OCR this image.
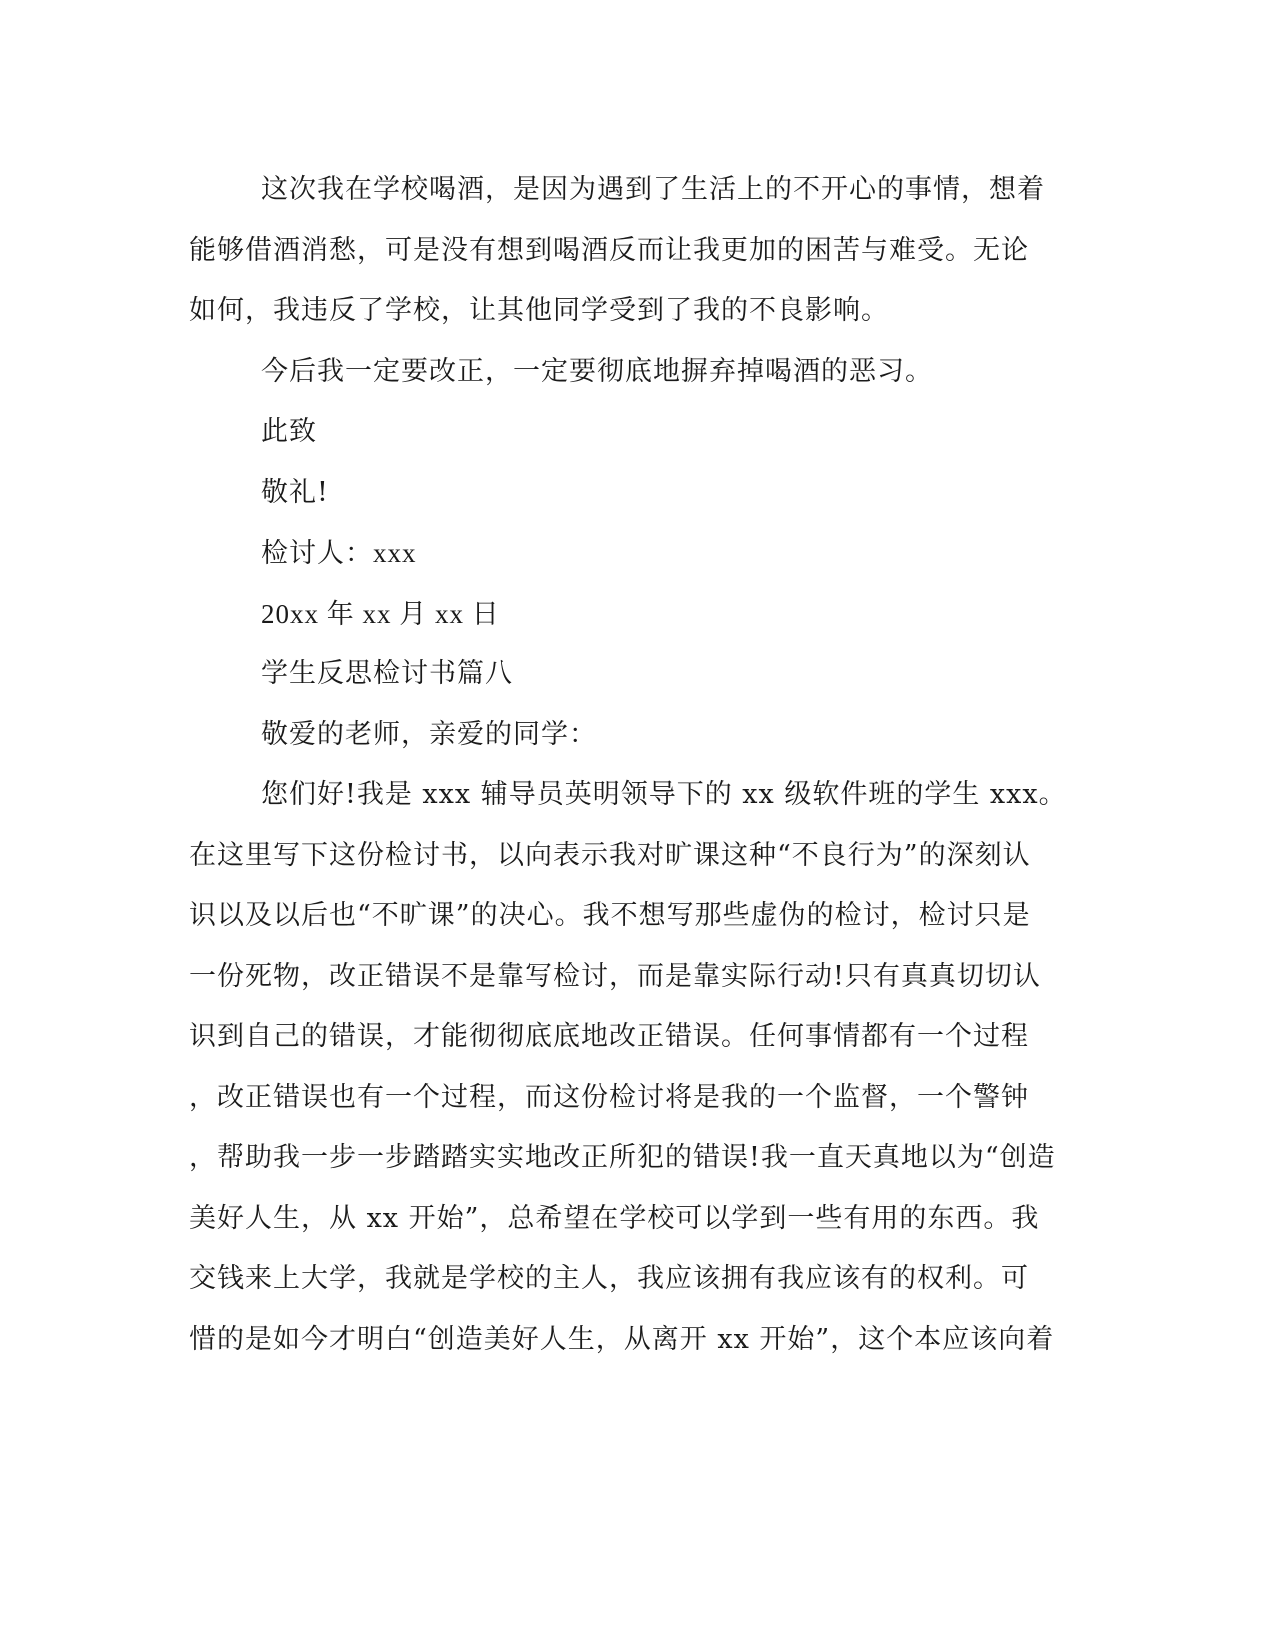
这次我在学校喝酒，是因为遇到了生活上的不开心的事情，想着
能够借酒消愁，可是没有想到喝酒反而让我更加的困苦与难受。无论
如何，我违反了学校，让其他同学受到了我的不良影响。
今后我一定要改正，一定要彻底地摒弃掉喝酒的恶习。
此致
敬礼!
检讨人：xxx
20xx 年 xx 月 xx 日
学生反思检讨书篇八
敬爱的老师，亲爱的同学：
您们好!我是 xxx 辅导员英明领导下的 xx 级软件班的学生 xxx。
在这里写下这份检讨书，以向表示我对旷课这种“不良行为”的深刻认
识以及以后也“不旷课”的决心。我不想写那些虚伪的检讨，检讨只是
一份死物，改正错误不是靠写检讨，而是靠实际行动!只有真真切切认
识到自己的错误，才能彻彻底底地改正错误。任何事情都有一个过程
，改正错误也有一个过程，而这份检讨将是我的一个监督，一个警钟
，帮助我一步一步踏踏实实地改正所犯的错误!我一直天真地以为“创造
美好人生，从 xx 开始”，总希望在学校可以学到一些有用的东西。我
交钱来上大学，我就是学校的主人，我应该拥有我应该有的权利。可
惜的是如今才明白“创造美好人生，从离开 xx 开始”，这个本应该向着
